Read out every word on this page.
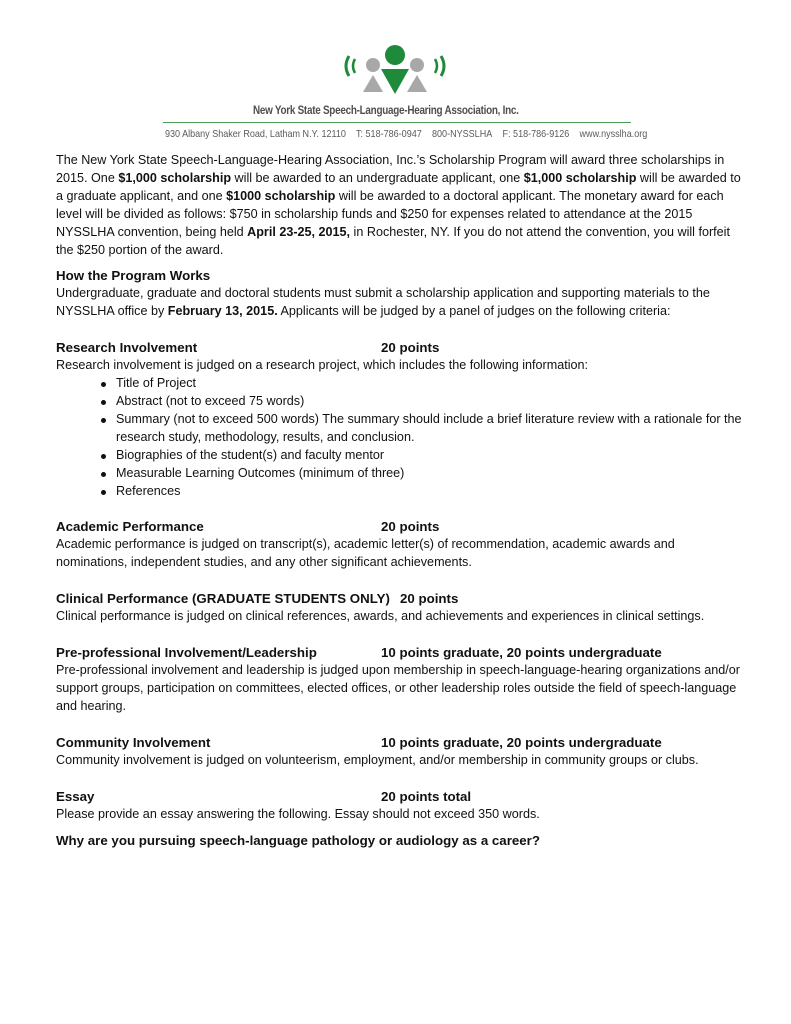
New York State Speech-Language-Hearing Association, Inc.
930 Albany Shaker Road, Latham N.Y. 12110 T: 518-786-0947 800-NYSSLHA F: 518-786-9126 www.nysslha.org

The New York State Speech-Language-Hearing Association, Inc.’s Scholarship Program will award three scholarships in 2015. One $1,000 scholarship will be awarded to an undergraduate applicant, one $1,000 scholarship will be awarded to a graduate applicant, and one $1000 scholarship will be awarded to a doctoral applicant. The monetary award for each level will be divided as follows: $750 in scholarship funds and $250 for expenses related to attendance at the 2015 NYSSLHA convention, being held April 23-25, 2015, in Rochester, NY. If you do not attend the convention, you will forfeit the $250 portion of the award.

How the Program Works

Undergraduate, graduate and doctoral students must submit a scholarship application and supporting materials to the NYSSLHA office by February 13, 2015. Applicants will be judged by a panel of judges on the following criteria:

Research Involvement	20 points

Research involvement is judged on a research project, which includes the following information:

Title of Project
Abstract (not to exceed 75 words)
Summary (not to exceed 500 words) The summary should include a brief literature review with a rationale for the research study, methodology, results, and conclusion.
Biographies of the student(s) and faculty mentor
Measurable Learning Outcomes (minimum of three)
References
Academic Performance	20 points

Academic performance is judged on transcript(s), academic letter(s) of recommendation, academic awards and nominations, independent studies, and any other significant achievements.

Clinical Performance (GRADUATE STUDENTS ONLY) 20 points

Clinical performance is judged on clinical references, awards, and achievements and experiences in clinical settings.

Pre-professional Involvement/Leadership	10 points graduate, 20 points undergraduate

Pre-professional involvement and leadership is judged upon membership in speech-language-hearing organizations and/or support groups, participation on committees, elected offices, or other leadership roles outside the field of speech-language and hearing.

Community Involvement	10 points graduate, 20 points undergraduate

Community involvement is judged on volunteerism, employment, and/or membership in community groups or clubs.

Essay	20 points total

Please provide an essay answering the following. Essay should not exceed 350 words.

Why are you pursuing speech-language pathology or audiology as a career?
